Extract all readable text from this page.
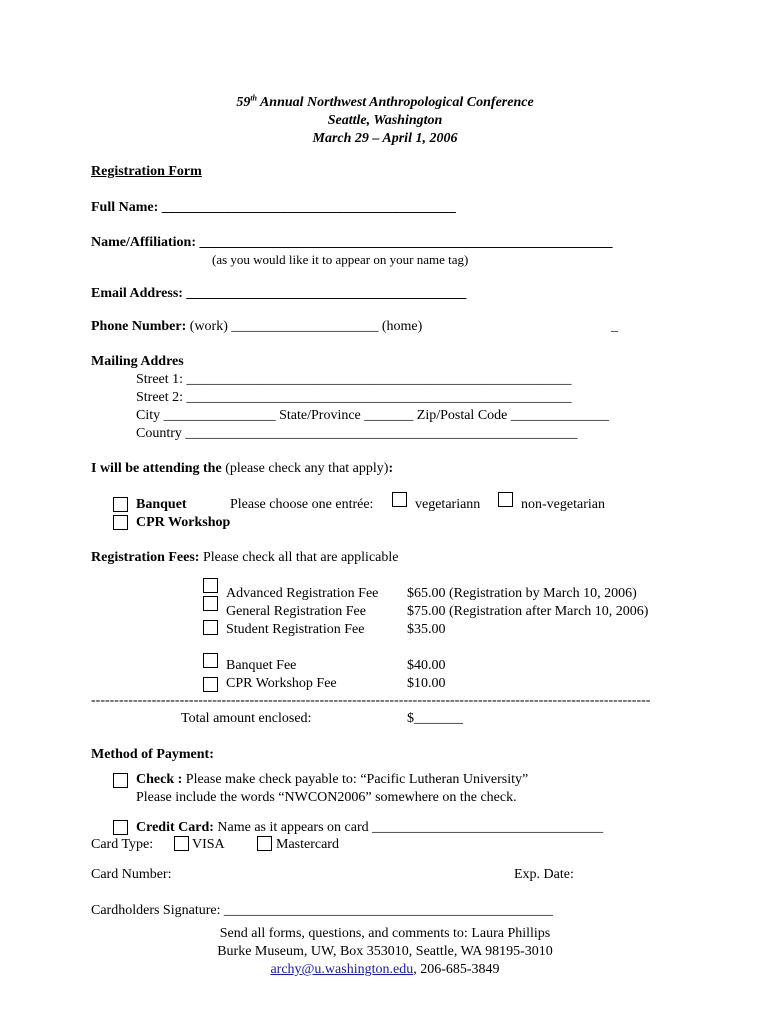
59th Annual Northwest Anthropological Conference
Seattle, Washington
March 29 – April 1, 2006
Registration Form
Full Name: __________________________________________
Name/Affiliation: ___________________________________________________________
(as you would like it to appear on your name tag)
Email Address: ________________________________________
Phone Number: (work) _____________________ (home)	_
Mailing Addres
Street 1: _______________________________________________________
Street 2: _______________________________________________________
City ________________ State/Province _______ Zip/Postal Code ______________
Country ________________________________________________________
I will be attending the (please check any that apply):
Banquet	Please choose one entrée:	vegetariann	non-vegetarian
CPR Workshop
Registration Fees: Please check all that are applicable
Advanced Registration Fee $65.00 (Registration by March 10, 2006)
General Registration Fee	$75.00 (Registration after March 10, 2006)
Student Registration Fee	$35.00
Banquet Fee	$40.00
CPR Workshop Fee	$10.00
------------------------------------------------------------------------------------------------------------------------
Total amount enclosed:	$_______
Method of Payment:
Check : Please make check payable to: “Pacific Lutheran University”
Please include the words “NWCON2006” somewhere on the check.
Credit Card: Name as it appears on card _________________________________
Card Type:	VISA	Mastercard
Card Number:	Exp. Date:
Cardholders Signature: _______________________________________________
Send all forms, questions, and comments to: Laura Phillips
Burke Museum, UW, Box 353010, Seattle, WA 98195-3010
archy@u.washington.edu, 206-685-3849
